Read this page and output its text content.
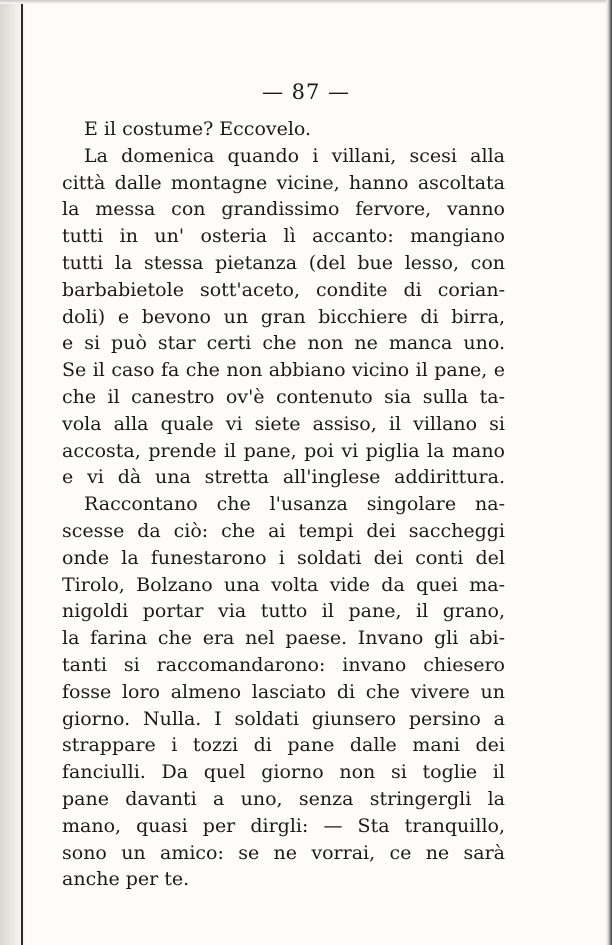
— 87 —
E il costume? Eccovelo.
La domenica quando i villani, scesi alla
città dalle montagne vicine, hanno ascoltata
la messa con grandissimo fervore, vanno
tutti in un' osteria lì accanto: mangiano
tutti la stessa pietanza (del bue lesso, con
barbabietole sott'aceto, condite di corian-
doli) e bevono un gran bicchiere di birra,
e si può star certi che non ne manca uno.
Se il caso fa che non abbiano vicino il pane, e
che il canestro ov'è contenuto sia sulla ta-
vola alla quale vi siete assiso, il villano si
accosta, prende il pane, poi vi piglia la mano
e vi dà una stretta all'inglese addirittura.
Raccontano che l'usanza singolare na-
scesse da ciò: che ai tempi dei saccheggi
onde la funestarono i soldati dei conti del
Tirolo, Bolzano una volta vide da quei ma-
nigoldi portar via tutto il pane, il grano,
la farina che era nel paese. Invano gli abi-
tanti si raccomandarono: invano chiesero
fosse loro almeno lasciato di che vivere un
giorno. Nulla. I soldati giunsero persino a
strappare i tozzi di pane dalle mani dei
fanciulli. Da quel giorno non si toglie il
pane davanti a uno, senza stringergli la
mano, quasi per dirgli: — Sta tranquillo,
sono un amico: se ne vorrai, ce ne sarà
anche per te.
